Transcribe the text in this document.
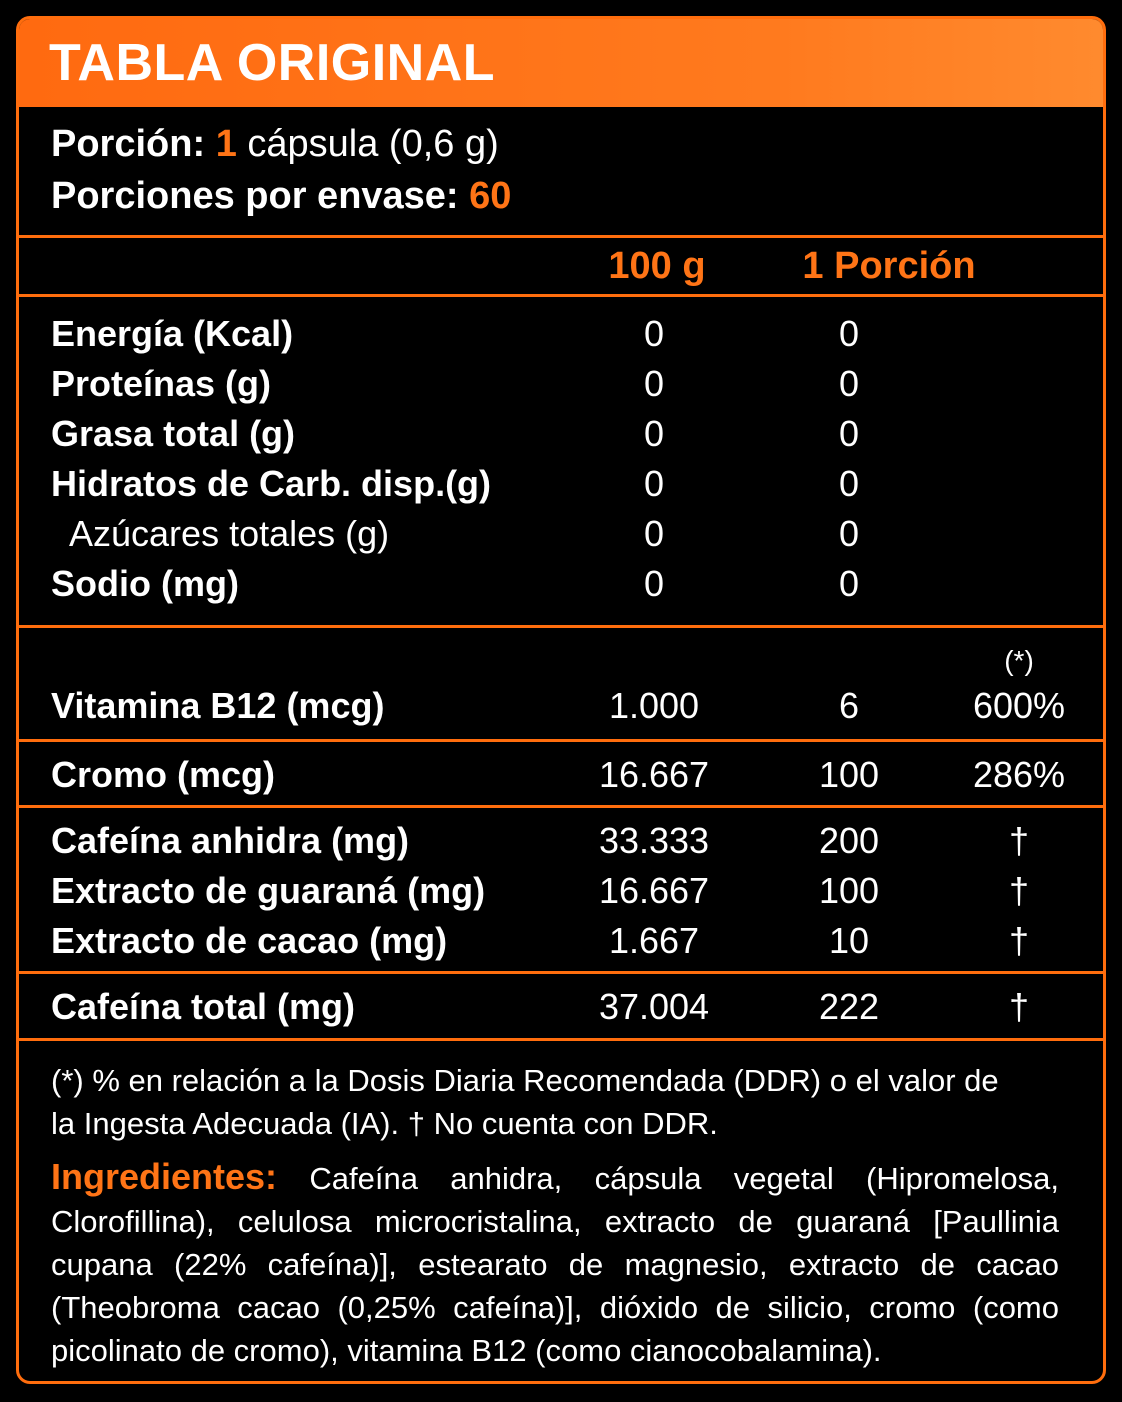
TABLA ORIGINAL
Porción: 1 cápsula (0,6 g)
Porciones por envase: 60
100 g	1 Porción
Energía (Kcal)	0	0
Proteínas (g)	0	0
Grasa total (g)	0	0
Hidratos de Carb. disp.(g)	0	0
Azúcares totales (g)	0	0
Sodio (mg)	0	0
(*)
Vitamina B12 (mcg)	1.000	6	600%
Cromo (mcg)	16.667	100	286%
Cafeína anhidra (mg)	33.333	200	†
Extracto de guaraná (mg)	16.667	100	†
Extracto de cacao (mg)	1.667	10	†
Cafeína total (mg)	37.004	222	†
(*) % en relación a la Dosis Diaria Recomendada (DDR) o el valor de
la Ingesta Adecuada (IA). † No cuenta con DDR.
Ingredientes: Cafeína anhidra, cápsula vegetal (Hipromelosa, Clorofillina), celulosa microcristalina, extracto de guaraná [Paullinia cupana (22% cafeína)], estearato de magnesio, extracto de cacao (Theobroma cacao (0,25% cafeína)], dióxido de silicio, cromo (como picolinato de cromo), vitamina B12 (como cianocobalamina).
